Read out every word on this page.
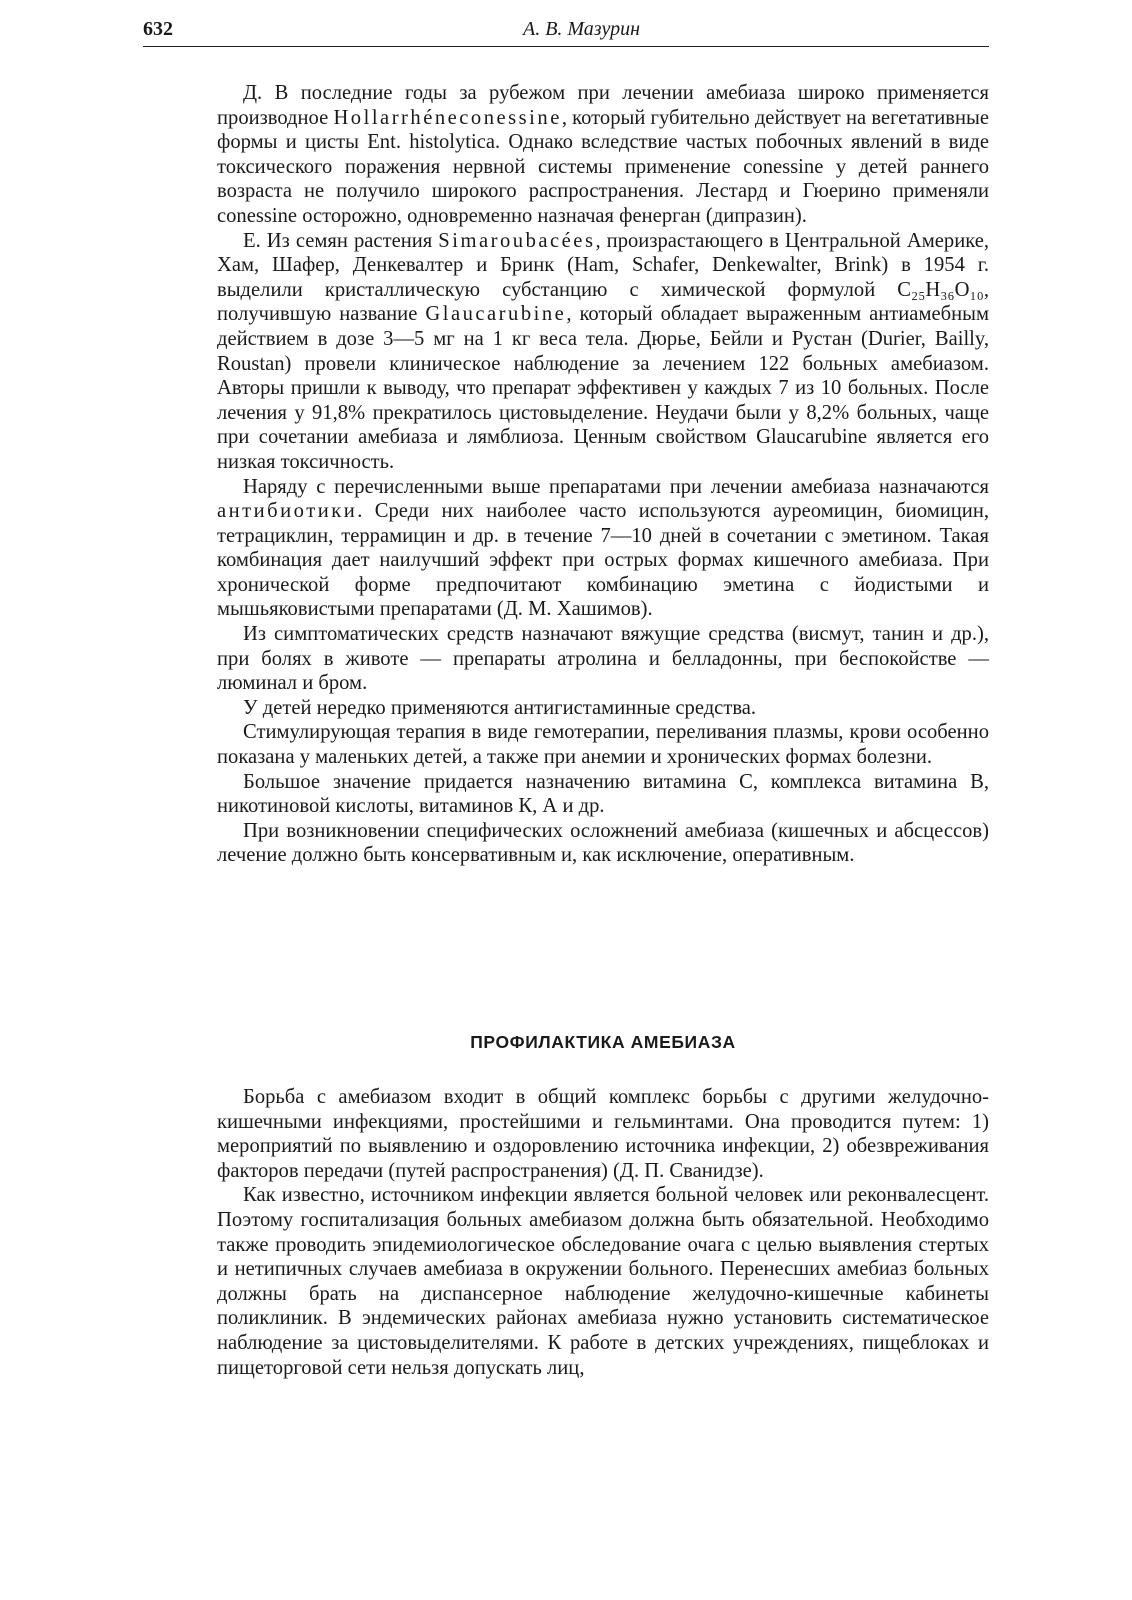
632	А. В. Мазурин

Д. В последние годы за рубежом при лечении амебиаза широко применяется производное Hollarrhéneconessine, который губительно действует на вегетативные формы и цисты Ent. histolytica. Однако вследствие частых побочных явлений в виде токсического поражения нервной системы применение conessine у детей раннего возраста не получило широкого распространения. Лестард и Гюерино применяли conessine осторожно, одновременно назначая фенерган (дипразин).

Е. Из семян растения Simaroubacées, произрастающего в Центральной Америке, Хам, Шафер, Денкевалтер и Бринк (Ham, Schafer, Denkewalter, Brink) в 1954 г. выделили кристаллическую субстанцию с химической формулой C₂₅H₃₆O₁₀, получившую название Glaucarubine, который обладает выраженным антиамебным действием в дозе 3—5 мг на 1 кг веса тела. Дюрье, Бейли и Рустан (Durier, Bailly, Roustan) провели клиническое наблюдение за лечением 122 больных амебиазом. Авторы пришли к выводу, что препарат эффективен у каждых 7 из 10 больных. После лечения у 91,8% прекратилось цистовыделение. Неудачи были у 8,2% больных, чаще при сочетании амебиаза и лямблиоза. Ценным свойством Glaucarubine является его низкая токсичность.

Наряду с перечисленными выше препаратами при лечении амебиаза назначаются антибиотики. Среди них наиболее часто используются ауреомицин, биомицин, тетрациклин, террамицин и др. в течение 7—10 дней в сочетании с эметином. Такая комбинация дает наилучший эффект при острых формах кишечного амебиаза. При хронической форме предпочитают комбинацию эметина с йодистыми и мышьяковистыми препаратами (Д. М. Хашимов).

Из симптоматических средств назначают вяжущие средства (висмут, танин и др.), при болях в животе — препараты атролина и белладонны, при беспокойстве — люминал и бром.

У детей нередко применяются антигистаминные средства.

Стимулирующая терапия в виде гемотерапии, переливания плазмы, крови особенно показана у маленьких детей, а также при анемии и хронических формах болезни.

Большое значение придается назначению витамина С, комплекса витамина В, никотиновой кислоты, витаминов К, А и др.

При возникновении специфических осложнений амебиаза (кишечных и абсцессов) лечение должно быть консервативным и, как исключение, оперативным.

ПРОФИЛАКТИКА АМЕБИАЗА

Борьба с амебиазом входит в общий комплекс борьбы с другими желудочно-кишечными инфекциями, простейшими и гельминтами. Она проводится путем: 1) мероприятий по выявлению и оздоровлению источника инфекции, 2) обезвреживания факторов передачи (путей распространения) (Д. П. Сванидзе).

Как известно, источником инфекции является больной человек или реконвалесцент. Поэтому госпитализация больных амебиазом должна быть обязательной. Необходимо также проводить эпидемиологическое обследование очага с целью выявления стертых и нетипичных случаев амебиаза в окружении больного. Перенесших амебиаз больных должны брать на диспансерное наблюдение желудочно-кишечные кабинеты поликлиник. В эндемических районах амебиаза нужно установить систематическое наблюдение за цистовыделителями. К работе в детских учреждениях, пищеблоках и пищеторговой сети нельзя допускать лиц,
